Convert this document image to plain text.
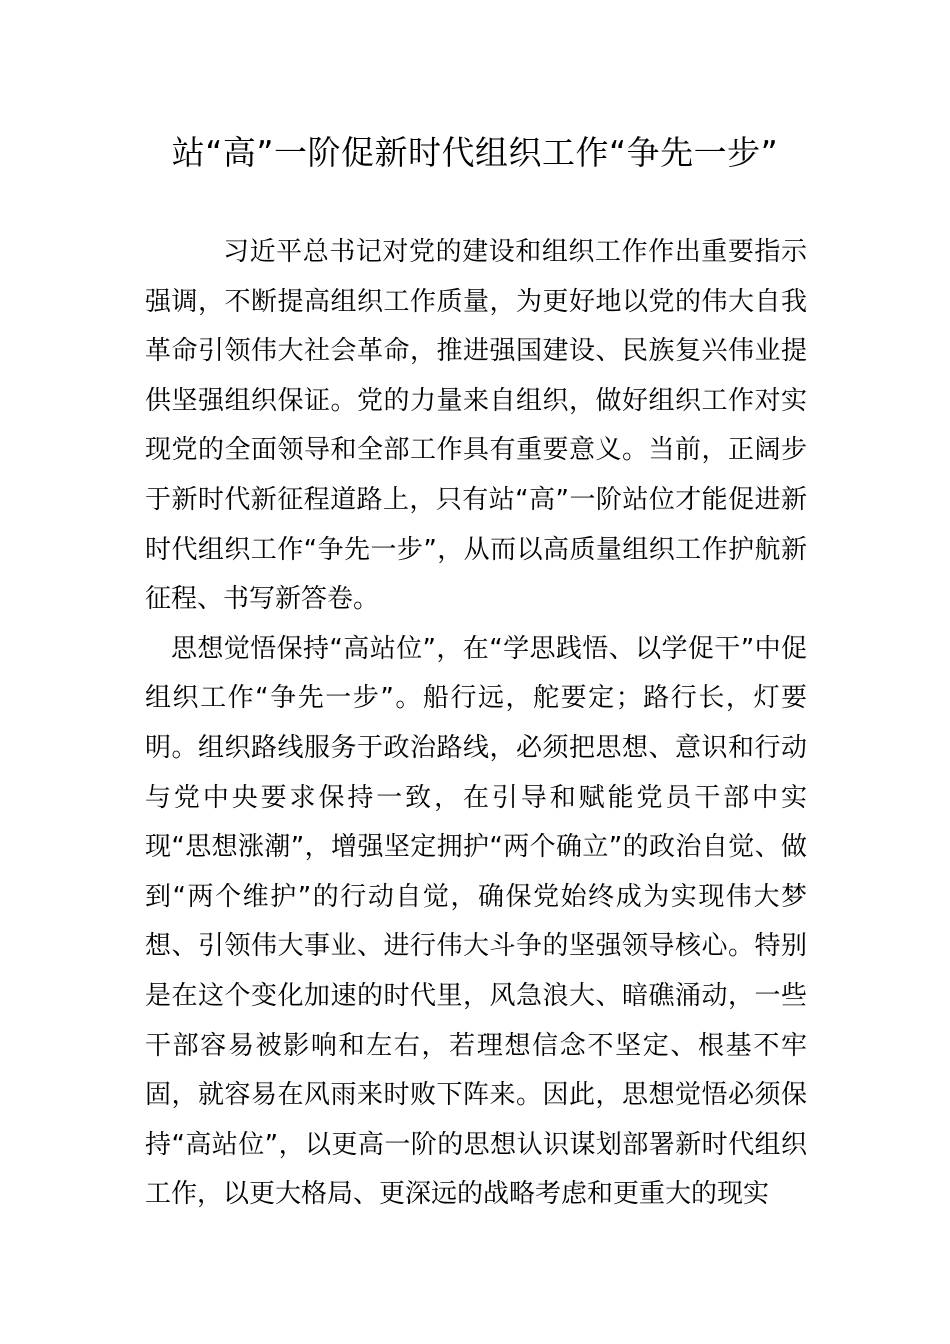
站“高”一阶促新时代组织工作“争先一步”

习近平总书记对党的建设和组织工作作出重要指示强调，不断提高组织工作质量，为更好地以党的伟大自我革命引领伟大社会革命，推进强国建设、民族复兴伟业提供坚强组织保证。党的力量来自组织，做好组织工作对实现党的全面领导和全部工作具有重要意义。当前，正阔步于新时代新征程道路上，只有站“高”一阶站位才能促进新时代组织工作“争先一步”，从而以高质量组织工作护航新征程、书写新答卷。

思想觉悟保持“高站位”，在“学思践悟、以学促干”中促组织工作“争先一步”。船行远，舵要定；路行长，灯要明。组织路线服务于政治路线，必须把思想、意识和行动与党中央要求保持一致，在引导和赋能党员干部中实现“思想涨潮”，增强坚定拥护“两个确立”的政治自觉、做到“两个维护”的行动自觉，确保党始终成为实现伟大梦想、引领伟大事业、进行伟大斗争的坚强领导核心。特别是在这个变化加速的时代里，风急浪大、暗礁涌动，一些干部容易被影响和左右，若理想信念不坚定、根基不牢固，就容易在风雨来时败下阵来。因此，思想觉悟必须保持“高站位”，以更高一阶的思想认识谋划部署新时代组织工作，以更大格局、更深远的战略考虑和更重大的现实
